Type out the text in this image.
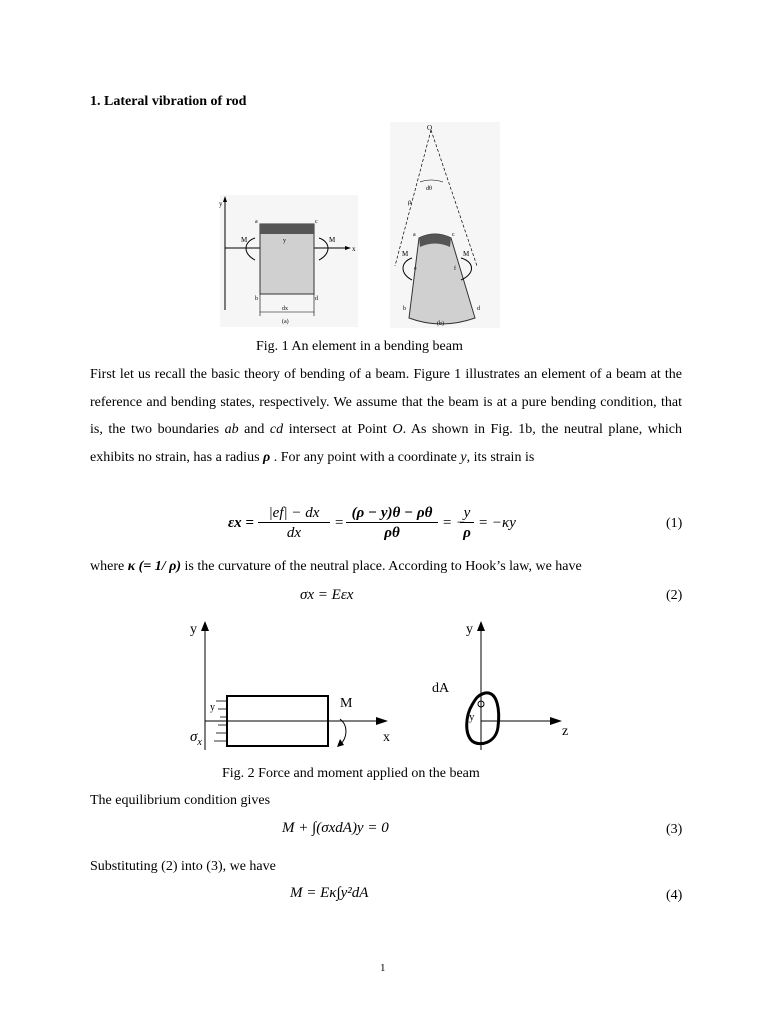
1. Lateral vibration of rod
y
x
M	M
a	c
b	d
y
dx
(a)
O
dθ
ρ
M	M
a	c
b	d
e	f
(b)
Fig. 1 An element in a bending beam
First let us recall the basic theory of bending of a beam. Figure 1 illustrates an element of a beam at the reference and bending states, respectively. We assume that the beam is at a pure bending condition, that is, the two boundaries ab and cd intersect at Point O. As shown in Fig. 1b, the neutral plane, which exhibits no strain, has a radius ρ . For any point with a coordinate y, its strain is
εx =
|ef| − dx
dx
=
(ρ − y)θ − ρθ
ρθ
= −
y
ρ
= −κy	(1)
where κ (= 1/ ρ) is the curvature of the neutral place. According to Hook’s law, we have
σx = Eεx	(2)
y
x
M
y
$\sigma_x$
y
z
dA
y
Fig. 2 Force and moment applied on the beam
The equilibrium condition gives
M + ∫(σxdA)y = 0	(3)
Substituting (2) into (3), we have
M = Eκ∫y²dA	(4)
1
